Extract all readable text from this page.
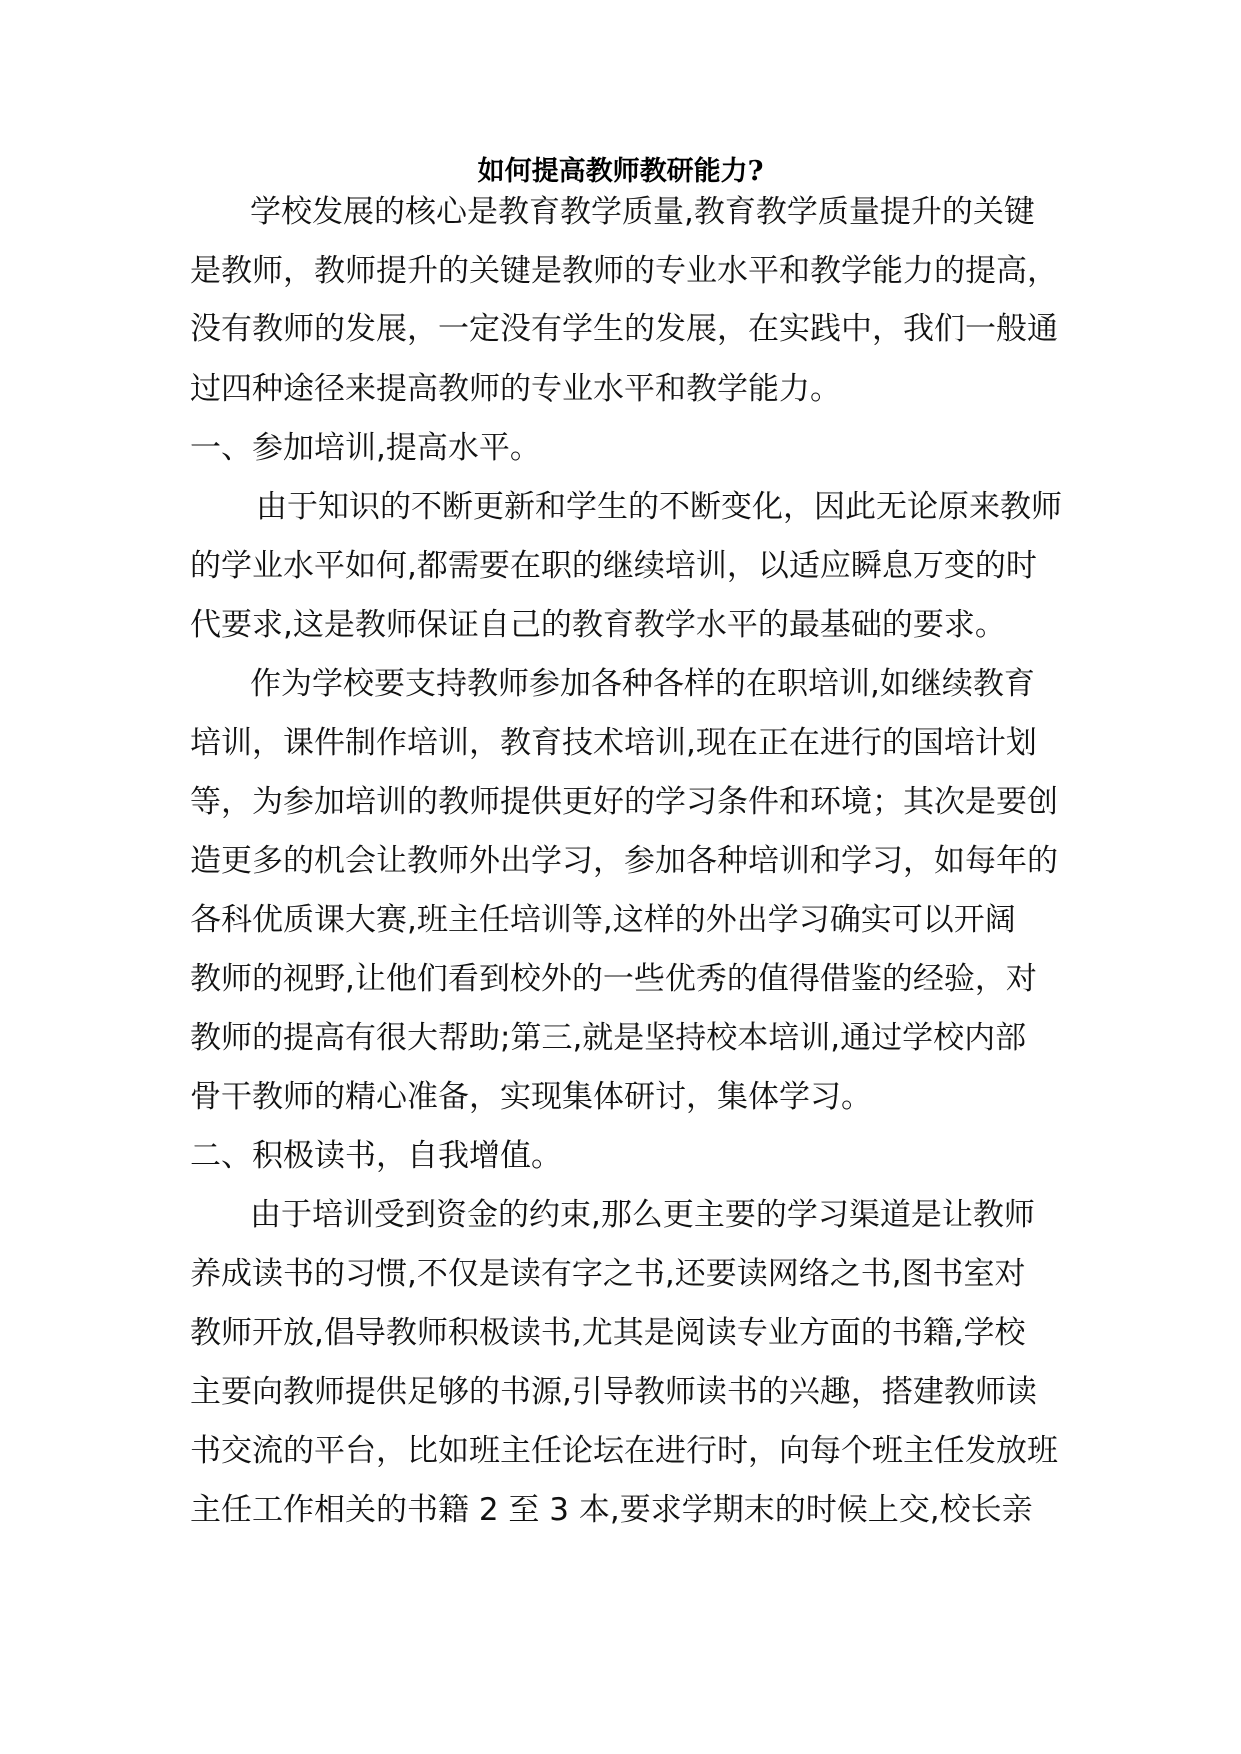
如何提高教师教研能力?

学校发展的核心是教育教学质量,教育教学质量提升的关键

是教师，教师提升的关键是教师的专业水平和教学能力的提高，

没有教师的发展，一定没有学生的发展，在实践中，我们一般通

过四种途径来提高教师的专业水平和教学能力。

一、参加培训,提高水平。

由于知识的不断更新和学生的不断变化，因此无论原来教师

的学业水平如何,都需要在职的继续培训，以适应瞬息万变的时

代要求,这是教师保证自己的教育教学水平的最基础的要求。

作为学校要支持教师参加各种各样的在职培训,如继续教育

培训，课件制作培训，教育技术培训,现在正在进行的国培计划

等，为参加培训的教师提供更好的学习条件和环境；其次是要创

造更多的机会让教师外出学习，参加各种培训和学习，如每年的

各科优质课大赛,班主任培训等,这样的外出学习确实可以开阔

教师的视野,让他们看到校外的一些优秀的值得借鉴的经验，对

教师的提高有很大帮助;第三,就是坚持校本培训,通过学校内部

骨干教师的精心准备，实现集体研讨，集体学习。

二、积极读书，自我增值。

由于培训受到资金的约束,那么更主要的学习渠道是让教师

养成读书的习惯,不仅是读有字之书,还要读网络之书,图书室对

教师开放,倡导教师积极读书,尤其是阅读专业方面的书籍,学校

主要向教师提供足够的书源,引导教师读书的兴趣，搭建教师读

书交流的平台，比如班主任论坛在进行时，向每个班主任发放班

主任工作相关的书籍 2 至 3 本,要求学期末的时候上交,校长亲
